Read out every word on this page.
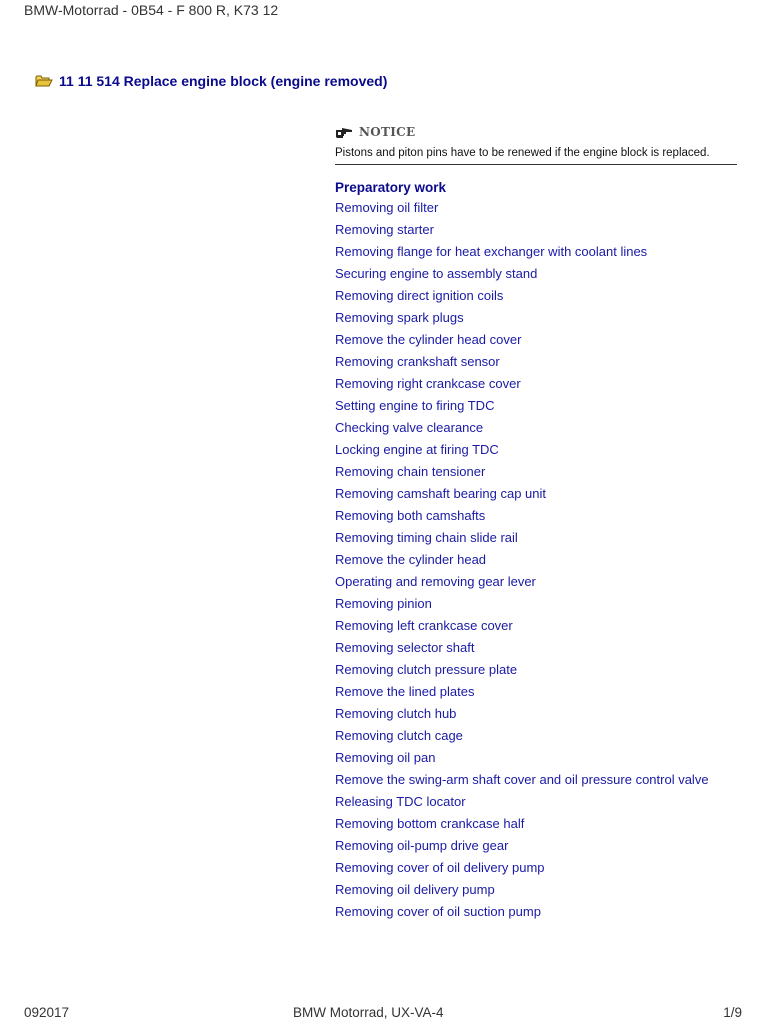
BMW-Motorrad - 0B54 - F 800 R, K73 12
11 11 514 Replace engine block (engine removed)
NOTICE
Pistons and piton pins have to be renewed if the engine block is replaced.
Preparatory work
Removing oil filter
Removing starter
Removing flange for heat exchanger with coolant lines
Securing engine to assembly stand
Removing direct ignition coils
Removing spark plugs
Remove the cylinder head cover
Removing crankshaft sensor
Removing right crankcase cover
Setting engine to firing TDC
Checking valve clearance
Locking engine at firing TDC
Removing chain tensioner
Removing camshaft bearing cap unit
Removing both camshafts
Removing timing chain slide rail
Remove the cylinder head
Operating and removing gear lever
Removing pinion
Removing left crankcase cover
Removing selector shaft
Removing clutch pressure plate
Remove the lined plates
Removing clutch hub
Removing clutch cage
Removing oil pan
Remove the swing-arm shaft cover and oil pressure control valve
Releasing TDC locator
Removing bottom crankcase half
Removing oil-pump drive gear
Removing cover of oil delivery pump
Removing oil delivery pump
Removing cover of oil suction pump
092017	BMW Motorrad, UX-VA-4	1/9
